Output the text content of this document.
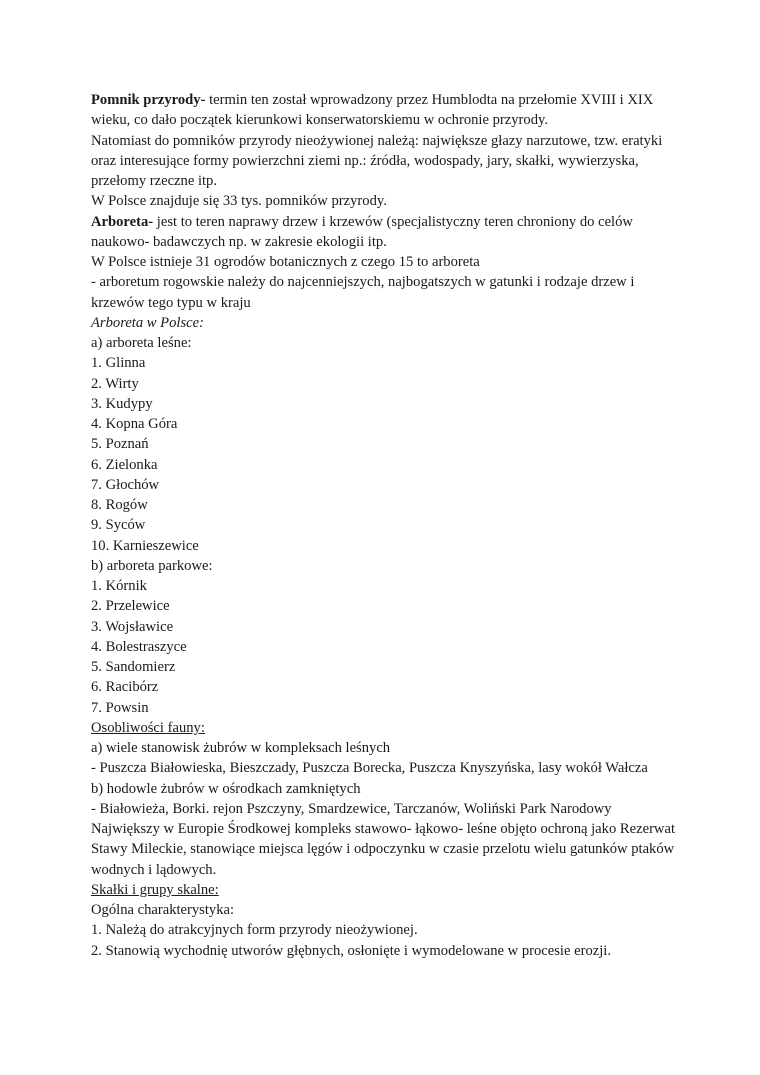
Pomnik przyrody- termin ten został wprowadzony przez Humblodta na przełomie XVIII i XIX wieku, co dało początek kierunkowi konserwatorskiemu w ochronie przyrody.
Natomiast do pomników przyrody nieożywionej należą: największe głazy narzutowe, tzw. eratyki oraz interesujące formy powierzchni ziemi np.: źródła, wodospady, jary, skałki, wywierzyska, przełomy rzeczne itp.
W Polsce znajduje się 33 tys. pomników przyrody.
Arboreta- jest to teren naprawy drzew i krzewów (specjalistyczny teren chroniony do celów naukowo- badawczych np. w zakresie ekologii itp.
W Polsce istnieje 31 ogrodów botanicznych z czego 15 to arboreta
- arboretum rogowskie należy do najcenniejszych, najbogatszych w gatunki i rodzaje drzew i krzewów tego typu w kraju
Arboreta w Polsce:
a) arboreta leśne:
1. Glinna
2. Wirty
3. Kudypy
4. Kopna Góra
5. Poznań
6. Zielonka
7. Głochów
8. Rogów
9. Syców
10. Karnieszewice
b) arboreta parkowe:
1. Kórnik
2. Przelewice
3. Wojsławice
4. Bolestraszyce
5. Sandomierz
6. Racibórz
7. Powsin
Osobliwości fauny:
a) wiele stanowisk żubrów w kompleksach leśnych
- Puszcza Białowieska, Bieszczady, Puszcza Borecka, Puszcza Knyszyńska, lasy wokół Wałcza
b) hodowle żubrów w ośrodkach zamkniętych
- Białowieża, Borki. rejon Pszczyny, Smardzewice, Tarczanów, Woliński Park Narodowy Największy w Europie Środkowej kompleks stawowo- łąkowo- leśne objęto ochroną jako Rezerwat Stawy Mileckie, stanowiące miejsca lęgów i odpoczynku w czasie przelotu wielu gatunków ptaków wodnych i lądowych.
Skałki i grupy skalne:
Ogólna charakterystyka:
1. Należą do atrakcyjnych form przyrody nieożywionej.
2. Stanowią wychodnię utworów głębnych, osłonięte i wymodelowane w procesie erozji.
